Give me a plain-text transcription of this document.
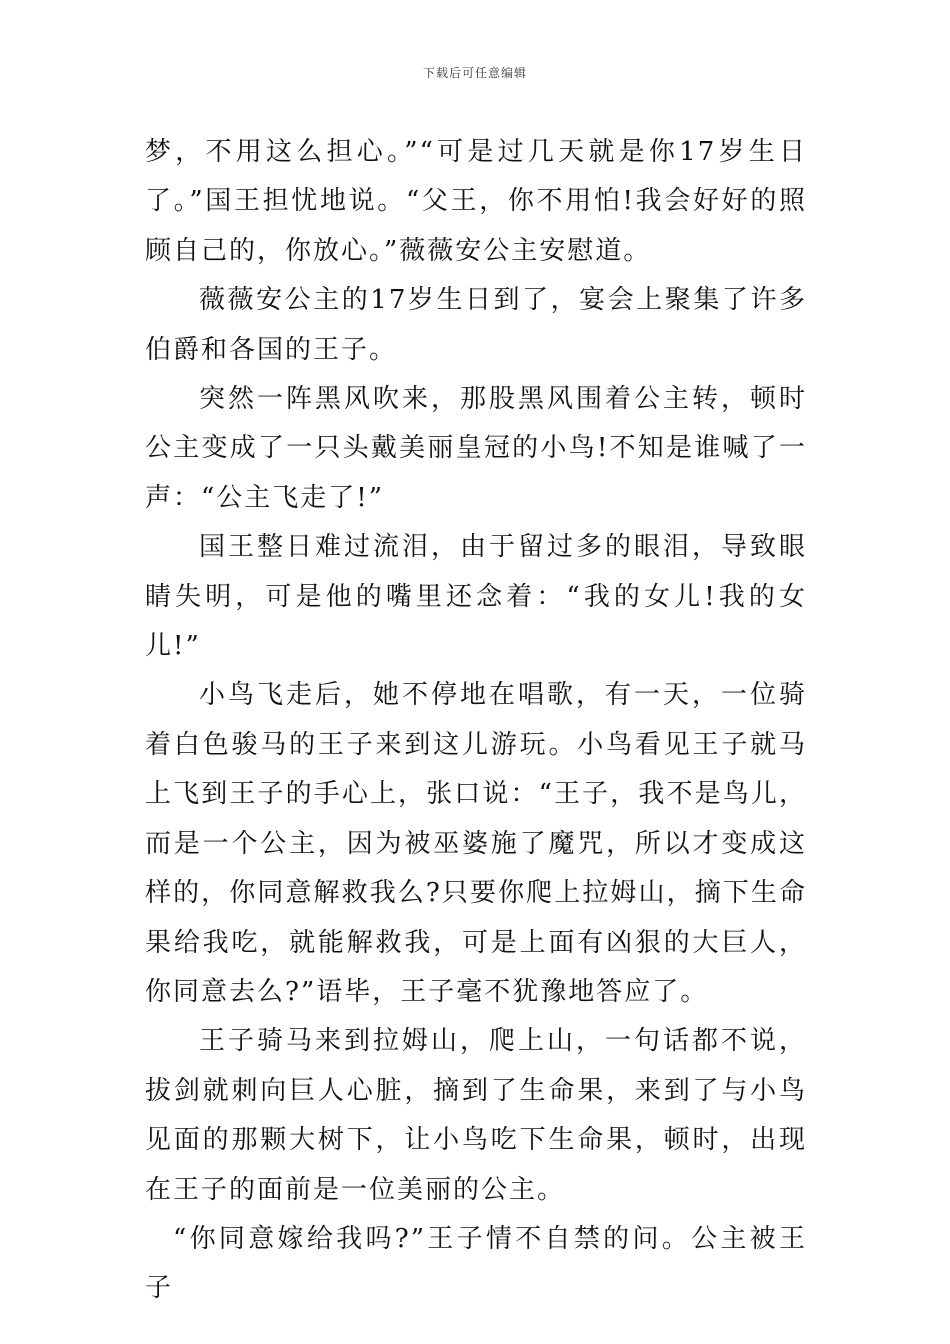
下载后可任意编辑

梦，不用这么担心。”“可是过几天就是你17岁生日了。”国王担忧地说。“父王，你不用怕!我会好好的照顾自己的，你放心。”薇薇安公主安慰道。

薇薇安公主的17岁生日到了，宴会上聚集了许多伯爵和各国的王子。

突然一阵黑风吹来，那股黑风围着公主转，顿时公主变成了一只头戴美丽皇冠的小鸟!不知是谁喊了一声：“公主飞走了!”

国王整日难过流泪，由于留过多的眼泪，导致眼睛失明，可是他的嘴里还念着：“我的女儿!我的女儿!”

小鸟飞走后，她不停地在唱歌，有一天，一位骑着白色骏马的王子来到这儿游玩。小鸟看见王子就马上飞到王子的手心上，张口说：“王子，我不是鸟儿，而是一个公主，因为被巫婆施了魔咒，所以才变成这样的，你同意解救我么?只要你爬上拉姆山，摘下生命果给我吃，就能解救我，可是上面有凶狠的大巨人，你同意去么?”语毕，王子毫不犹豫地答应了。

王子骑马来到拉姆山，爬上山，一句话都不说，拔剑就刺向巨人心脏，摘到了生命果，来到了与小鸟见面的那颗大树下，让小鸟吃下生命果，顿时，出现在王子的面前是一位美丽的公主。

“你同意嫁给我吗?”王子情不自禁的问。公主被王子
